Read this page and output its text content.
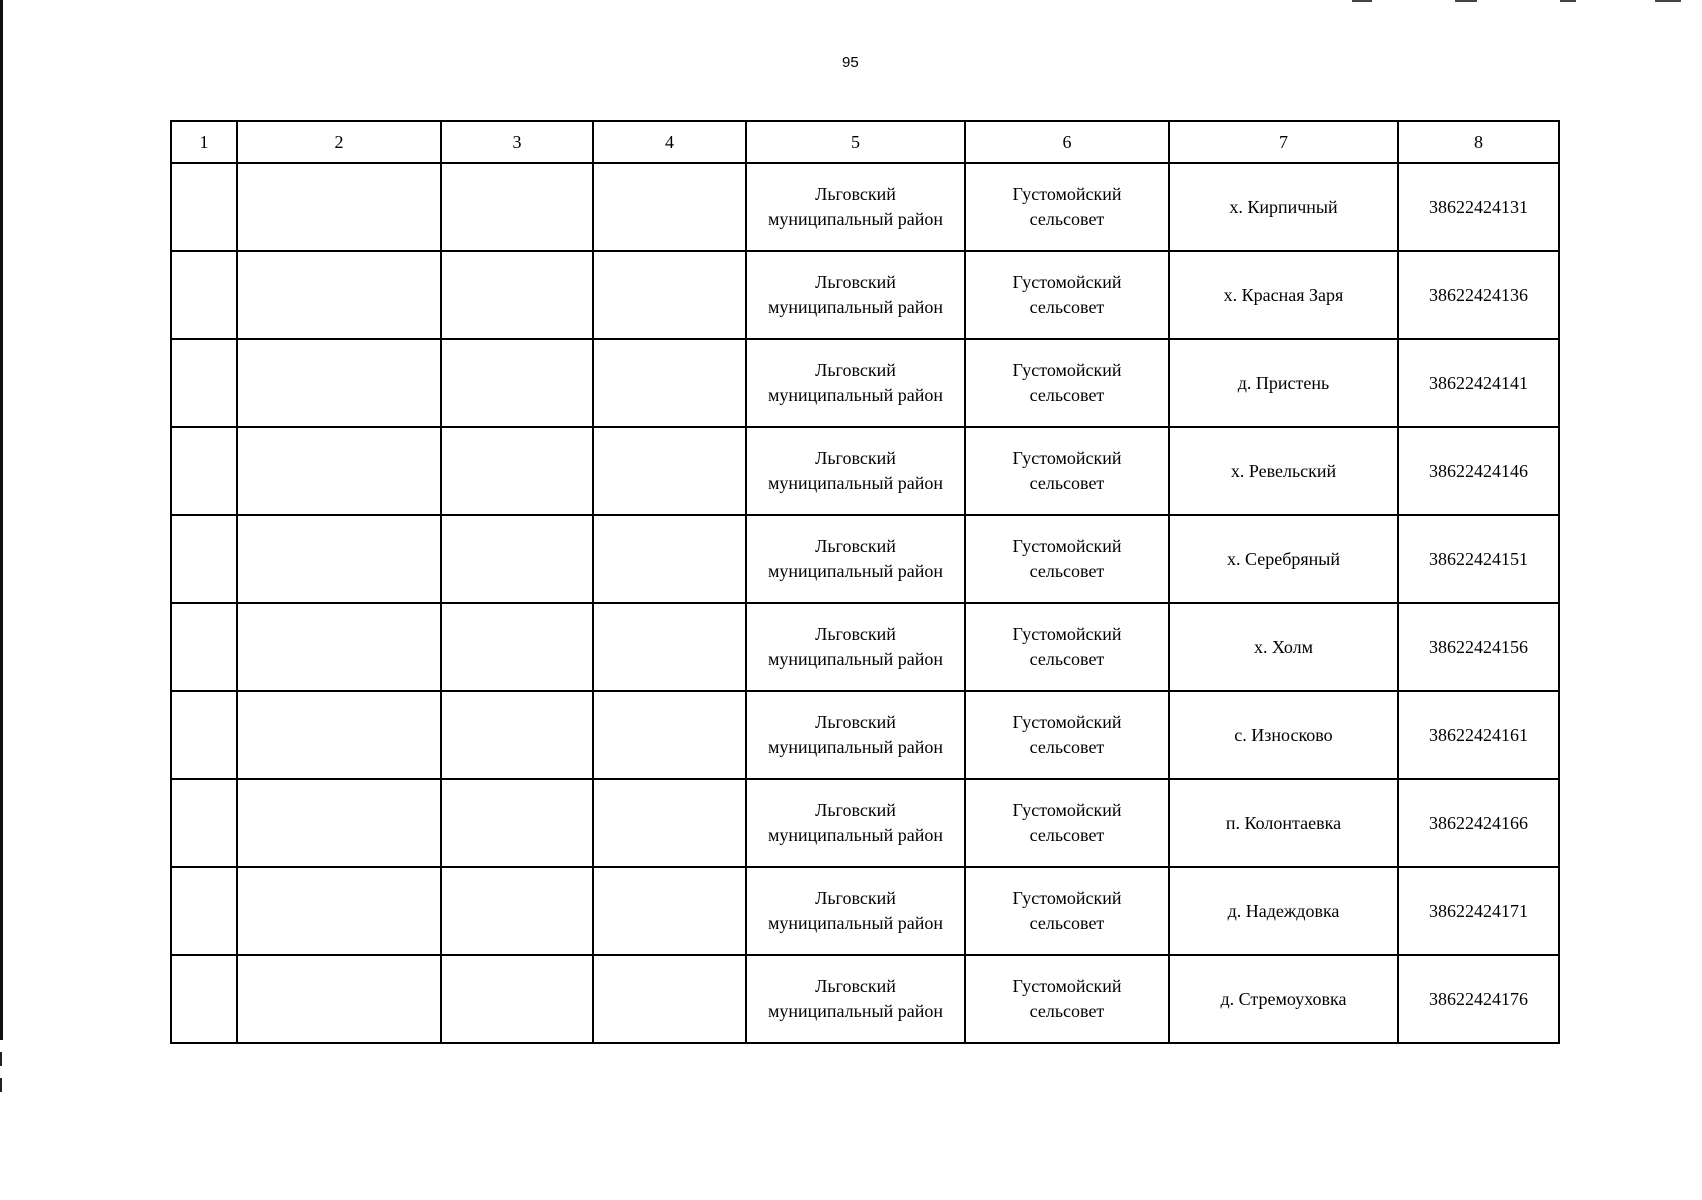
95
1	2	3	4	5	6	7	8

				Льговский
муниципальный район	Густомойский
сельсовет	х. Кирпичный	38622424131

				Льговский
муниципальный район	Густомойский
сельсовет	х. Красная Заря	38622424136

				Льговский
муниципальный район	Густомойский
сельсовет	д. Пристень	38622424141

				Льговский
муниципальный район	Густомойский
сельсовет	х. Ревельский	38622424146

				Льговский
муниципальный район	Густомойский
сельсовет	х. Серебряный	38622424151

				Льговский
муниципальный район	Густомойский
сельсовет	х. Холм	38622424156

				Льговский
муниципальный район	Густомойский
сельсовет	с. Износково	38622424161

				Льговский
муниципальный район	Густомойский
сельсовет	п. Колонтаевка	38622424166

				Льговский
муниципальный район	Густомойский
сельсовет	д. Надеждовка	38622424171

				Льговский
муниципальный район	Густомойский
сельсовет	д. Стремоуховка	38622424176
